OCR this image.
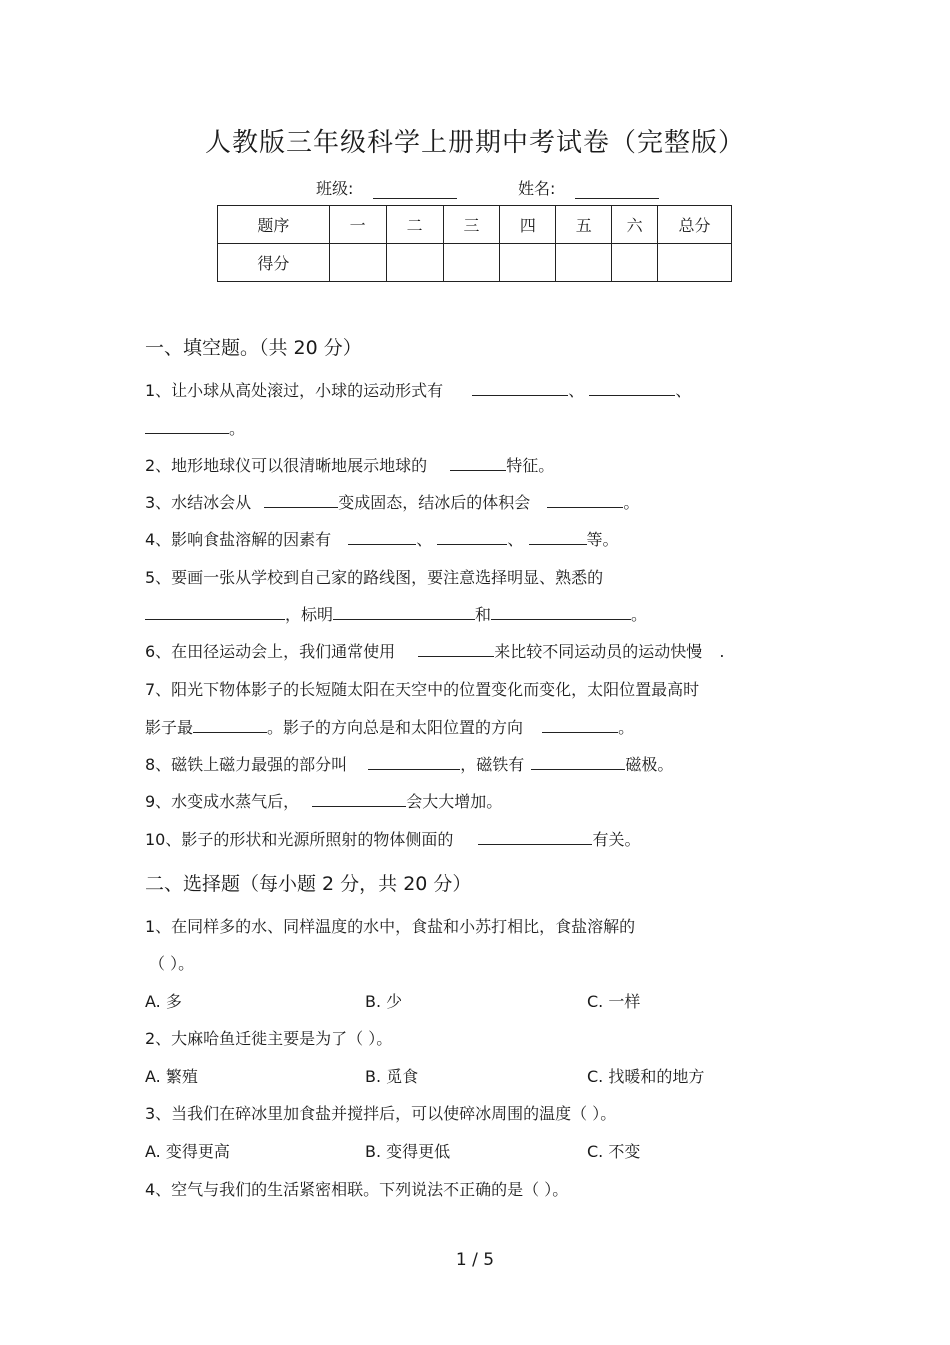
人教版三年级科学上册期中考试卷（完整版）
班级:	姓名:
题序	一	二	三	四	五	六	总分
得分							
一、填空题。（共 20 分）
1、让小球从高处滚过，小球的运动形式有	、	、
。
2、地形地球仪可以很清晰地展示地球的	特征。
3、水结冰会从	变成固态，结冰后的体积会	。
4、影响食盐溶解的因素有	、	、	等。
5、要画一张从学校到自己家的路线图，要注意选择明显、熟悉的
，标明	和	。
6、在田径运动会上，我们通常使用	来比较不同运动员的运动快慢 .
7、阳光下物体影子的长短随太阳在天空中的位置变化而变化，太阳位置最高时
影子最	。影子的方向总是和太阳位置的方向	。
8、磁铁上磁力最强的部分叫	，磁铁有	磁极。
9、水变成水蒸气后，	会大大增加。
10、影子的形状和光源所照射的物体侧面的	有关。
二、选择题（每小题 2 分，共 20 分）
1、在同样多的水、同样温度的水中，食盐和小苏打相比，食盐溶解的
（ ）。
A. 多	B. 少	C. 一样
2、大麻哈鱼迁徙主要是为了（ ）。
A. 繁殖	B. 觅食	C. 找暖和的地方
3、当我们在碎冰里加食盐并搅拌后，可以使碎冰周围的温度（ ）。
A. 变得更高	B. 变得更低	C. 不变
4、空气与我们的生活紧密相联。下列说法不正确的是（ ）。
1 / 5
